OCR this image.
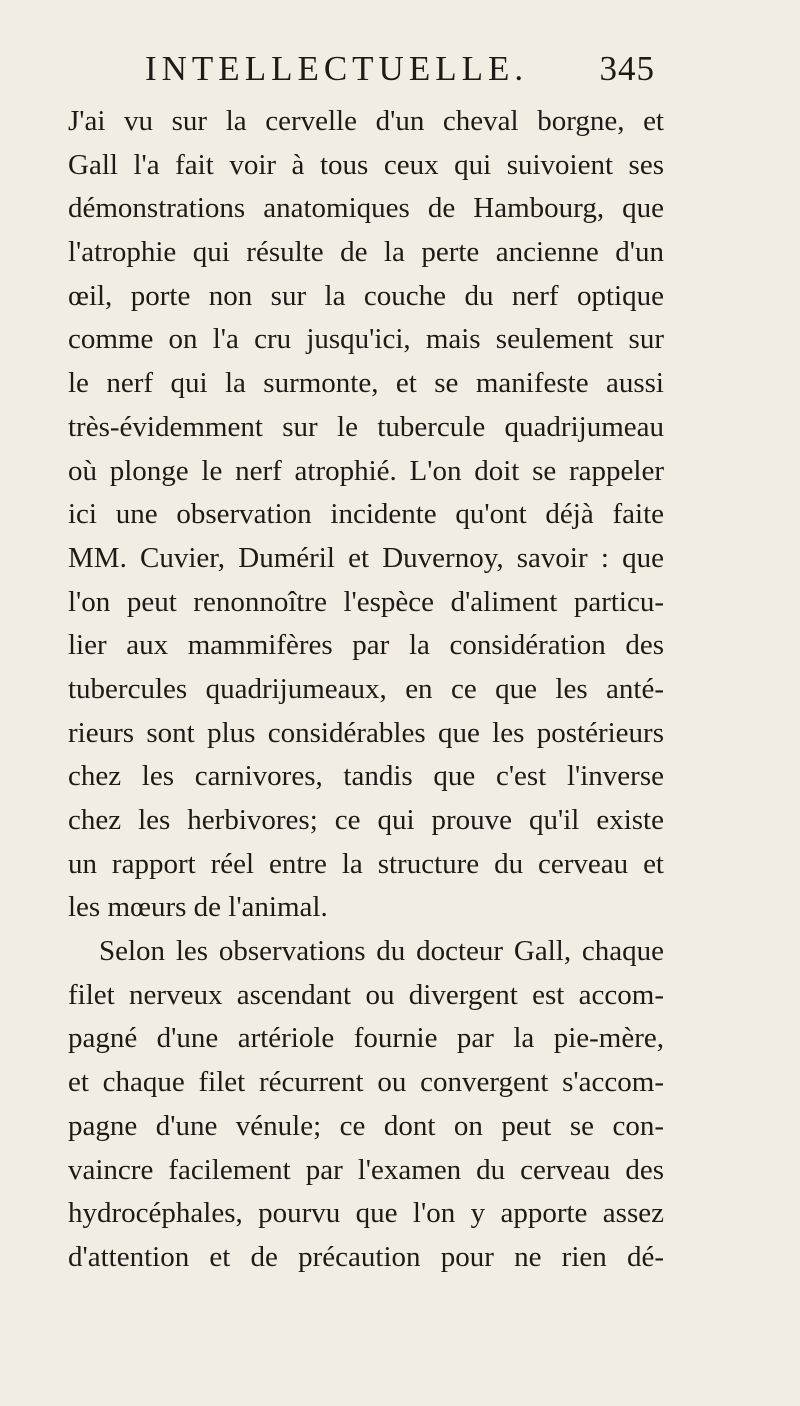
INTELLECTUELLE. 345
J'ai vu sur la cervelle d'un cheval borgne, et
Gall l'a fait voir à tous ceux qui suivoient ses
démonstrations anatomiques de Hambourg, que
l'atrophie qui résulte de la perte ancienne d'un
œil, porte non sur la couche du nerf optique
comme on l'a cru jusqu'ici, mais seulement sur
le nerf qui la surmonte, et se manifeste aussi
très-évidemment sur le tubercule quadrijumeau
où plonge le nerf atrophié. L'on doit se rappeler
ici une observation incidente qu'ont déjà faite
MM. Cuvier, Duméril et Duvernoy, savoir : que
l'on peut renonnoître l'espèce d'aliment particu-
lier aux mammifères par la considération des
tubercules quadrijumeaux, en ce que les anté-
rieurs sont plus considérables que les postérieurs
chez les carnivores, tandis que c'est l'inverse
chez les herbivores; ce qui prouve qu'il existe
un rapport réel entre la structure du cerveau et
les mœurs de l'animal.
Selon les observations du docteur Gall, chaque
filet nerveux ascendant ou divergent est accom-
pagné d'une artériole fournie par la pie-mère,
et chaque filet récurrent ou convergent s'accom-
pagne d'une vénule; ce dont on peut se con-
vaincre facilement par l'examen du cerveau des
hydrocéphales, pourvu que l'on y apporte assez
d'attention et de précaution pour ne rien dé-
